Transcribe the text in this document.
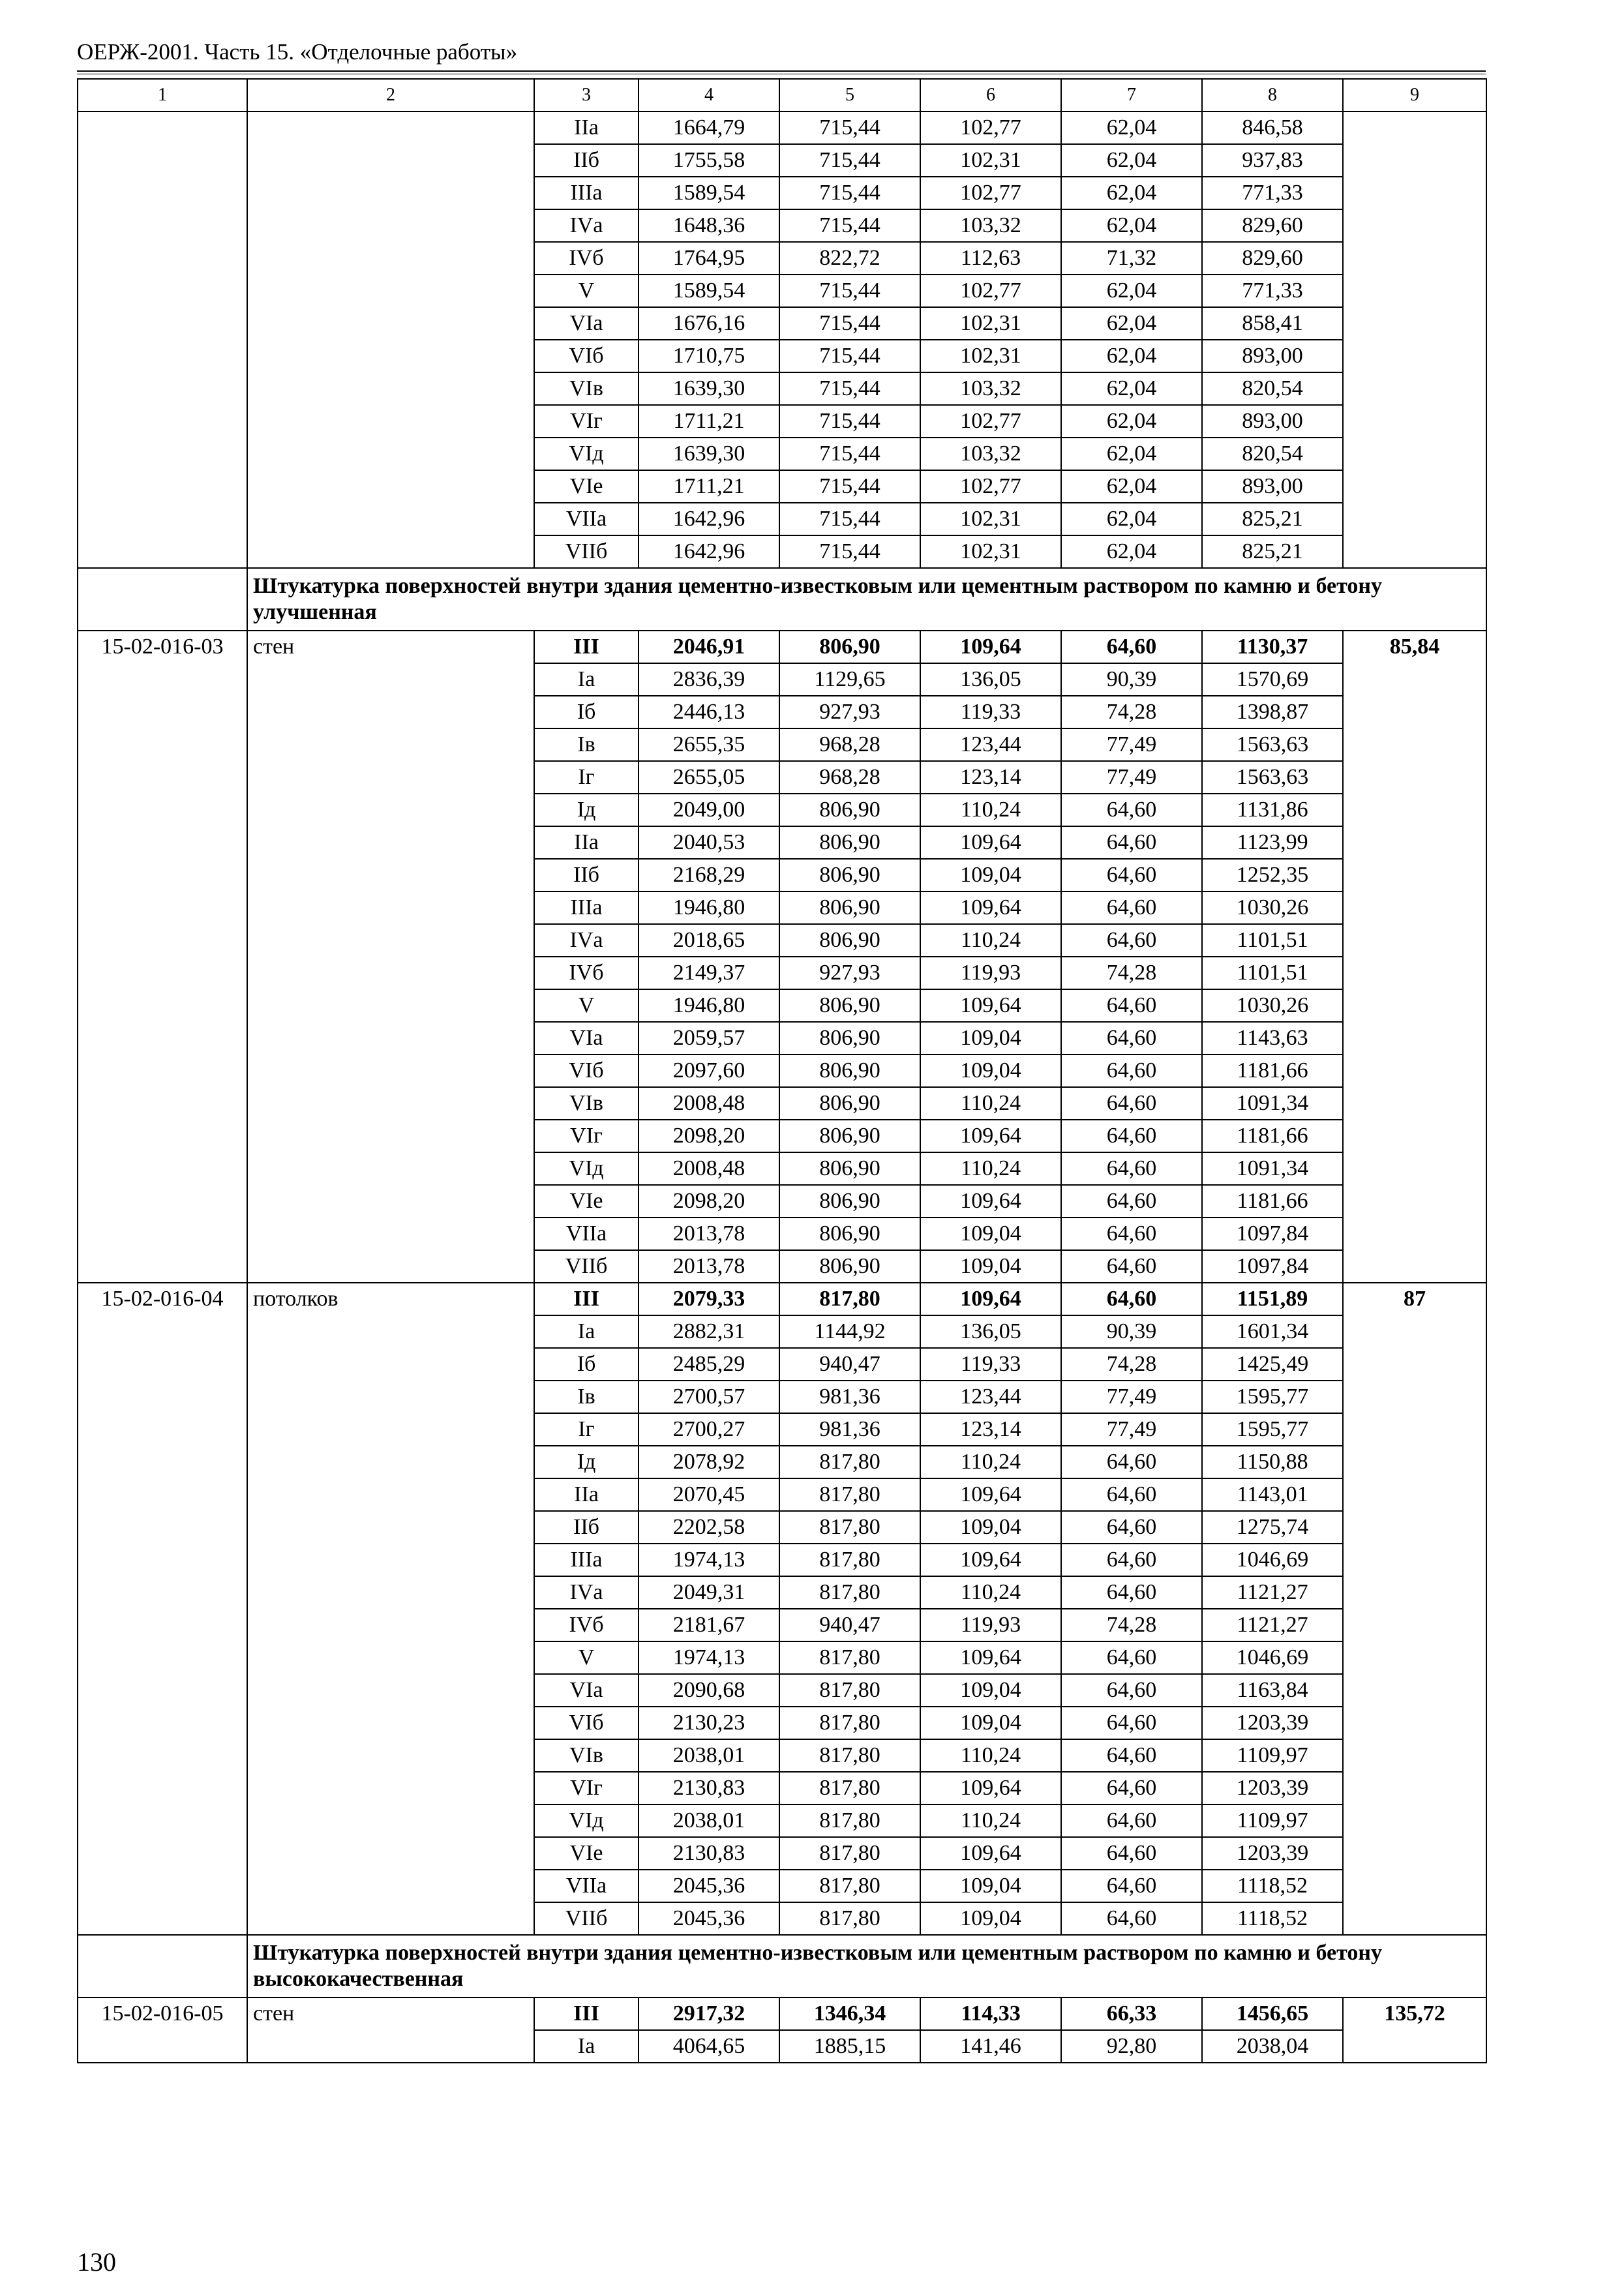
ОЕРЖ-2001. Часть 15. «Отделочные работы»
1	2	3	4	5	6	7	8	9
		IIа	1664,79	715,44	102,77	62,04	846,58	
		IIб	1755,58	715,44	102,31	62,04	937,83	
		IIIа	1589,54	715,44	102,77	62,04	771,33	
		IVа	1648,36	715,44	103,32	62,04	829,60	
		IVб	1764,95	822,72	112,63	71,32	829,60	
		V	1589,54	715,44	102,77	62,04	771,33	
		VIа	1676,16	715,44	102,31	62,04	858,41	
		VIб	1710,75	715,44	102,31	62,04	893,00	
		VIв	1639,30	715,44	103,32	62,04	820,54	
		VIг	1711,21	715,44	102,77	62,04	893,00	
		VIд	1639,30	715,44	103,32	62,04	820,54	
		VIе	1711,21	715,44	102,77	62,04	893,00	
		VIIа	1642,96	715,44	102,31	62,04	825,21	
		VIIб	1642,96	715,44	102,31	62,04	825,21	
	Штукатурка поверхностей внутри здания цементно-известковым или цементным раствором по камню и бетону улучшенная							
15-02-016-03	стен	III	2046,91	806,90	109,64	64,60	1130,37	85,84
		Iа	2836,39	1129,65	136,05	90,39	1570,69	
		Iб	2446,13	927,93	119,33	74,28	1398,87	
		Iв	2655,35	968,28	123,44	77,49	1563,63	
		Iг	2655,05	968,28	123,14	77,49	1563,63	
		Iд	2049,00	806,90	110,24	64,60	1131,86	
		IIа	2040,53	806,90	109,64	64,60	1123,99	
		IIб	2168,29	806,90	109,04	64,60	1252,35	
		IIIа	1946,80	806,90	109,64	64,60	1030,26	
		IVа	2018,65	806,90	110,24	64,60	1101,51	
		IVб	2149,37	927,93	119,93	74,28	1101,51	
		V	1946,80	806,90	109,64	64,60	1030,26	
		VIа	2059,57	806,90	109,04	64,60	1143,63	
		VIб	2097,60	806,90	109,04	64,60	1181,66	
		VIв	2008,48	806,90	110,24	64,60	1091,34	
		VIг	2098,20	806,90	109,64	64,60	1181,66	
		VIд	2008,48	806,90	110,24	64,60	1091,34	
		VIе	2098,20	806,90	109,64	64,60	1181,66	
		VIIа	2013,78	806,90	109,04	64,60	1097,84	
		VIIб	2013,78	806,90	109,04	64,60	1097,84	
15-02-016-04	потолков	III	2079,33	817,80	109,64	64,60	1151,89	87
		Iа	2882,31	1144,92	136,05	90,39	1601,34	
		Iб	2485,29	940,47	119,33	74,28	1425,49	
		Iв	2700,57	981,36	123,44	77,49	1595,77	
		Iг	2700,27	981,36	123,14	77,49	1595,77	
		Iд	2078,92	817,80	110,24	64,60	1150,88	
		IIа	2070,45	817,80	109,64	64,60	1143,01	
		IIб	2202,58	817,80	109,04	64,60	1275,74	
		IIIа	1974,13	817,80	109,64	64,60	1046,69	
		IVа	2049,31	817,80	110,24	64,60	1121,27	
		IVб	2181,67	940,47	119,93	74,28	1121,27	
		V	1974,13	817,80	109,64	64,60	1046,69	
		VIа	2090,68	817,80	109,04	64,60	1163,84	
		VIб	2130,23	817,80	109,04	64,60	1203,39	
		VIв	2038,01	817,80	110,24	64,60	1109,97	
		VIг	2130,83	817,80	109,64	64,60	1203,39	
		VIд	2038,01	817,80	110,24	64,60	1109,97	
		VIе	2130,83	817,80	109,64	64,60	1203,39	
		VIIа	2045,36	817,80	109,04	64,60	1118,52	
		VIIб	2045,36	817,80	109,04	64,60	1118,52	
	Штукатурка поверхностей внутри здания цементно-известковым или цементным раствором по камню и бетону высококачественная							
15-02-016-05	стен	III	2917,32	1346,34	114,33	66,33	1456,65	135,72
		Iа	4064,65	1885,15	141,46	92,80	2038,04	
130
